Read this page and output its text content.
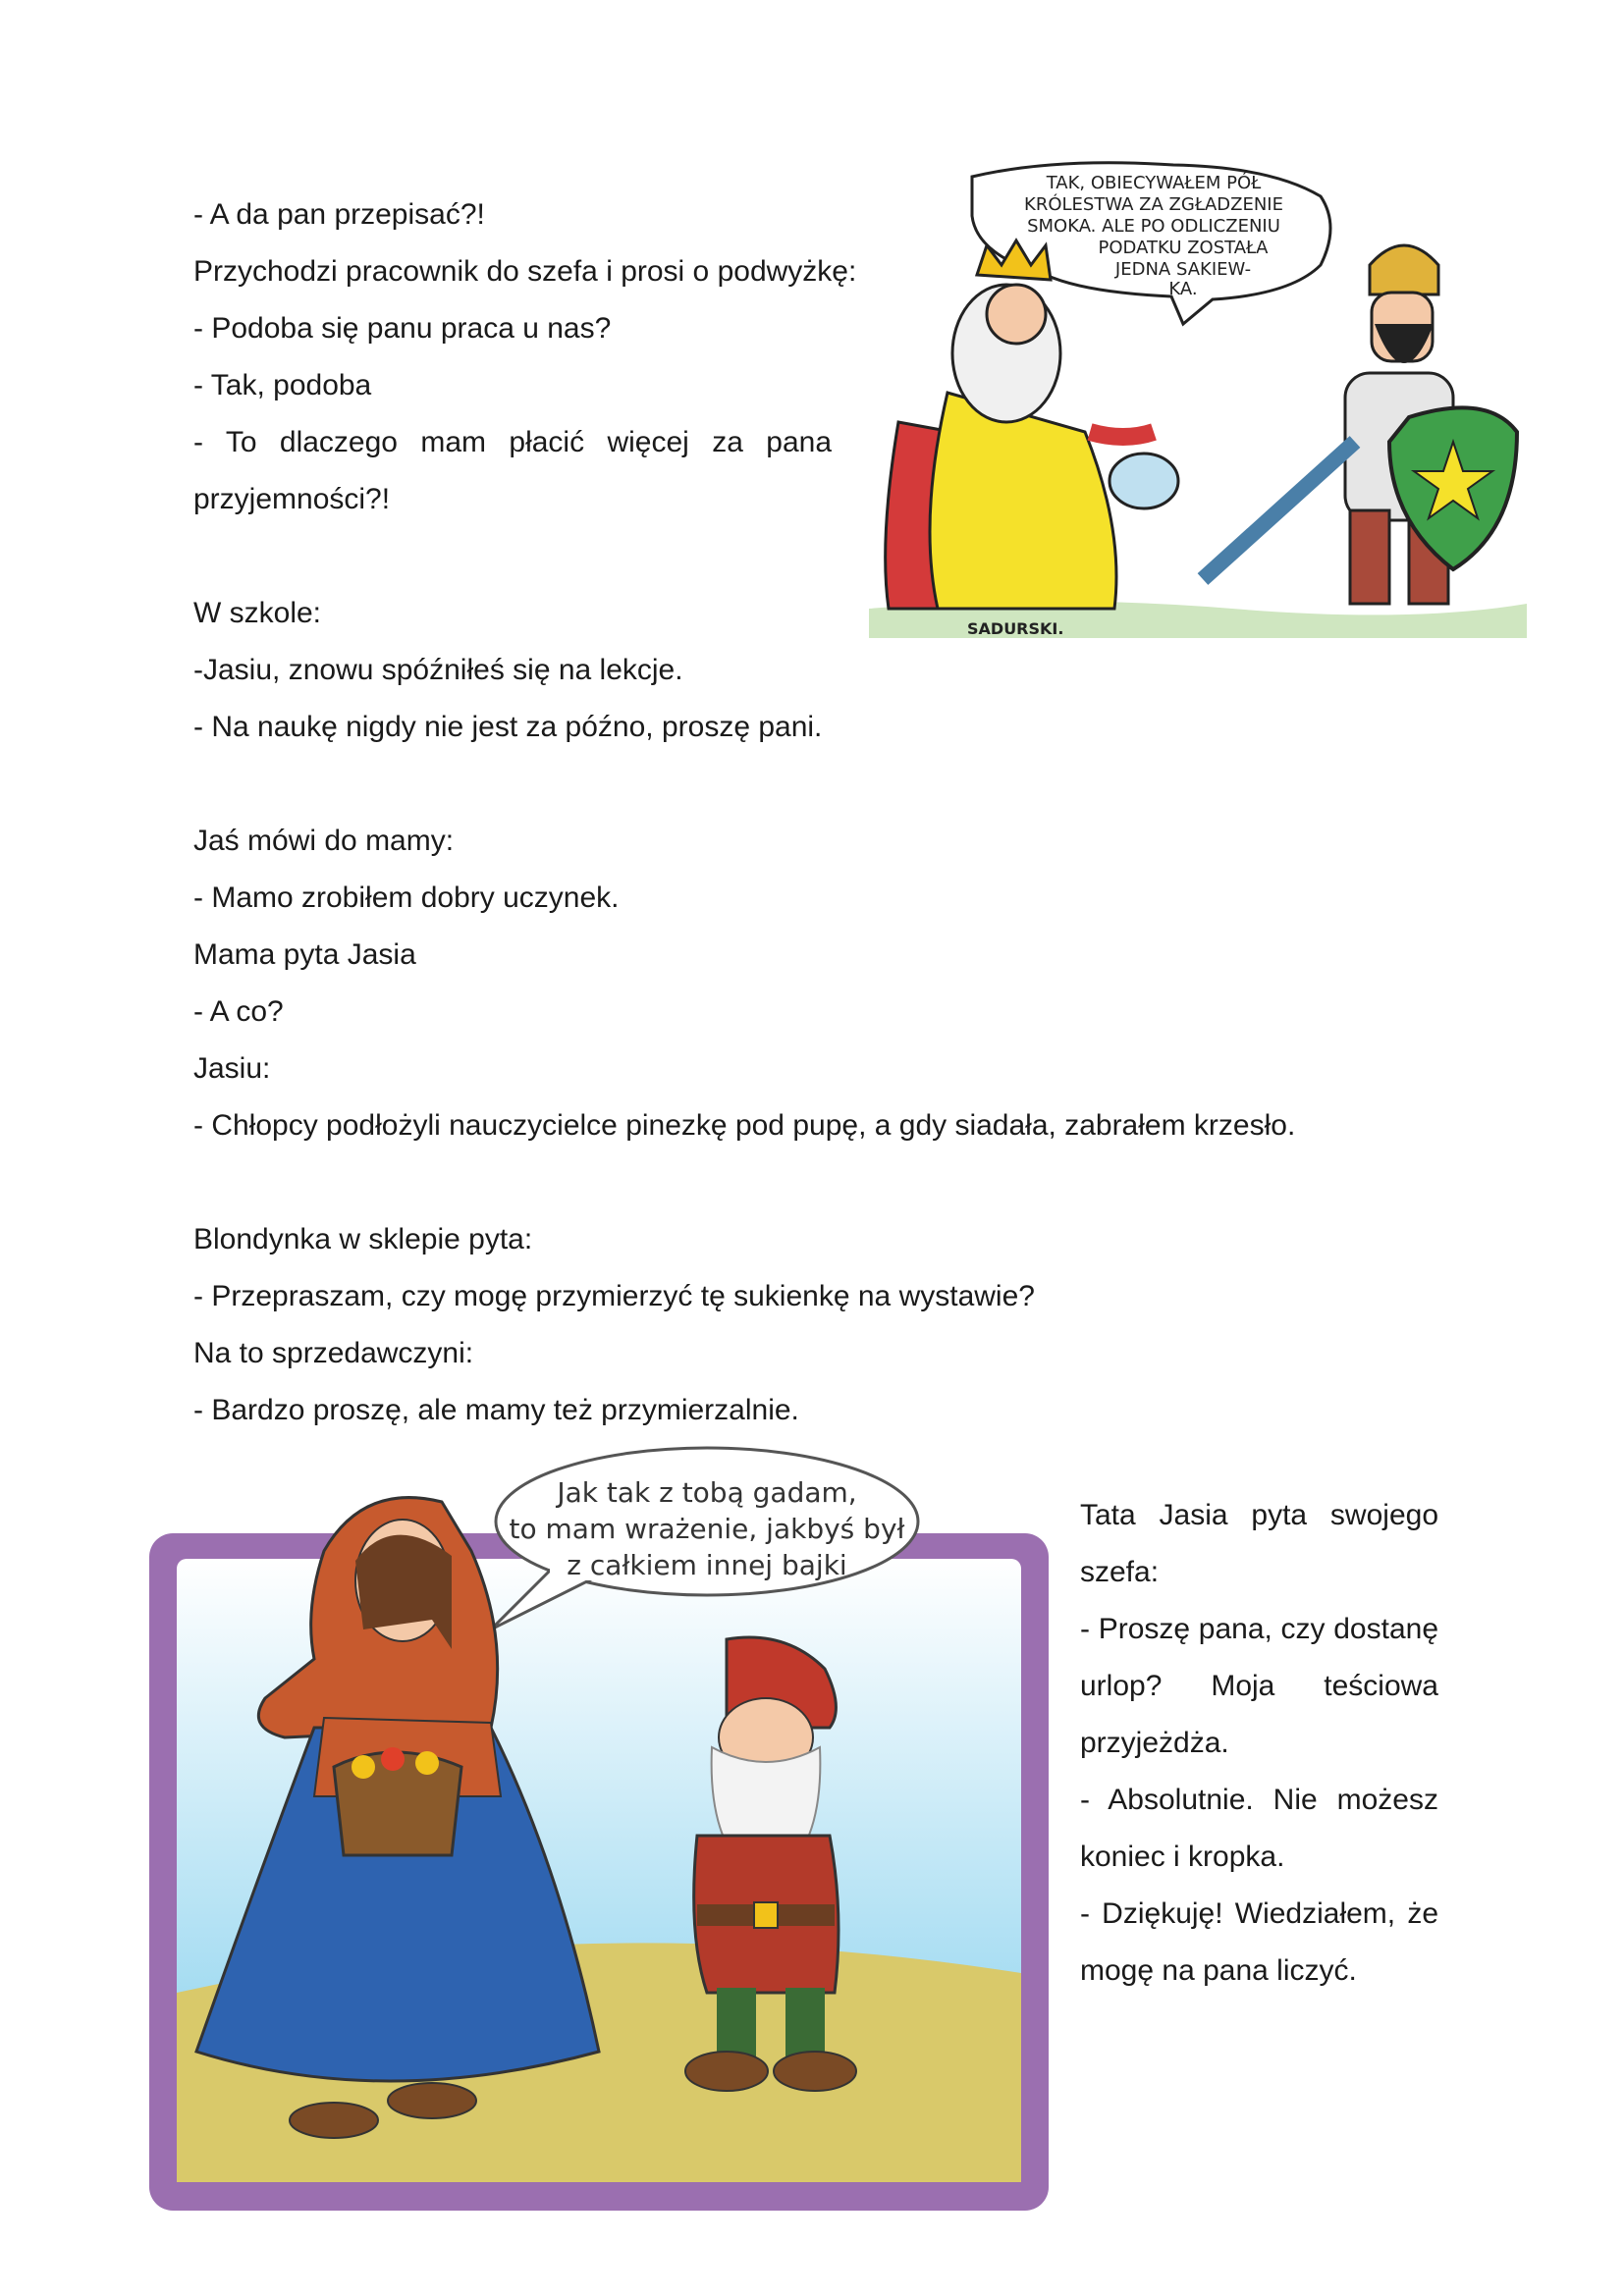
- A da pan przepisać?!

Przychodzi pracownik do szefa i prosi o podwyżkę:

- Podoba się panu praca u nas?

- Tak, podoba

- To dlaczego mam płacić więcej za pana

przyjemności?!

W szkole:

-Jasiu, znowu spóźniłeś się na lekcje.

- Na naukę nigdy nie jest za późno, proszę pani.

Jaś mówi do mamy:

- Mamo zrobiłem dobry uczynek.

Mama pyta Jasia

- A co?

Jasiu:

- Chłopcy podłożyli nauczycielce pinezkę pod pupę, a gdy siadała, zabrałem krzesło.

Blondynka w sklepie pyta:

- Przepraszam, czy mogę przymierzyć tę sukienkę na wystawie?

Na to sprzedawczyni:

- Bardzo proszę, ale mamy też przymierzalnie.

TAK, OBIECYWAŁEM PÓŁ
KRÓLESTWA ZA ZGŁADZENIE
SMOKA. ALE PO ODLICZENIU
PODATKU ZOSTAŁA
JEDNA SAKIEW-
KA.
SADURSKI.
Jak tak z tobą gadam,
to mam wrażenie, jakbyś był
z całkiem innej bajki

Tata Jasia pyta swojego

szefa:

- Proszę pana, czy dostanę

urlop? Moja teściowa

przyjeżdża.

- Absolutnie. Nie możesz

koniec i kropka.

- Dziękuję! Wiedziałem, że

mogę na pana liczyć.
